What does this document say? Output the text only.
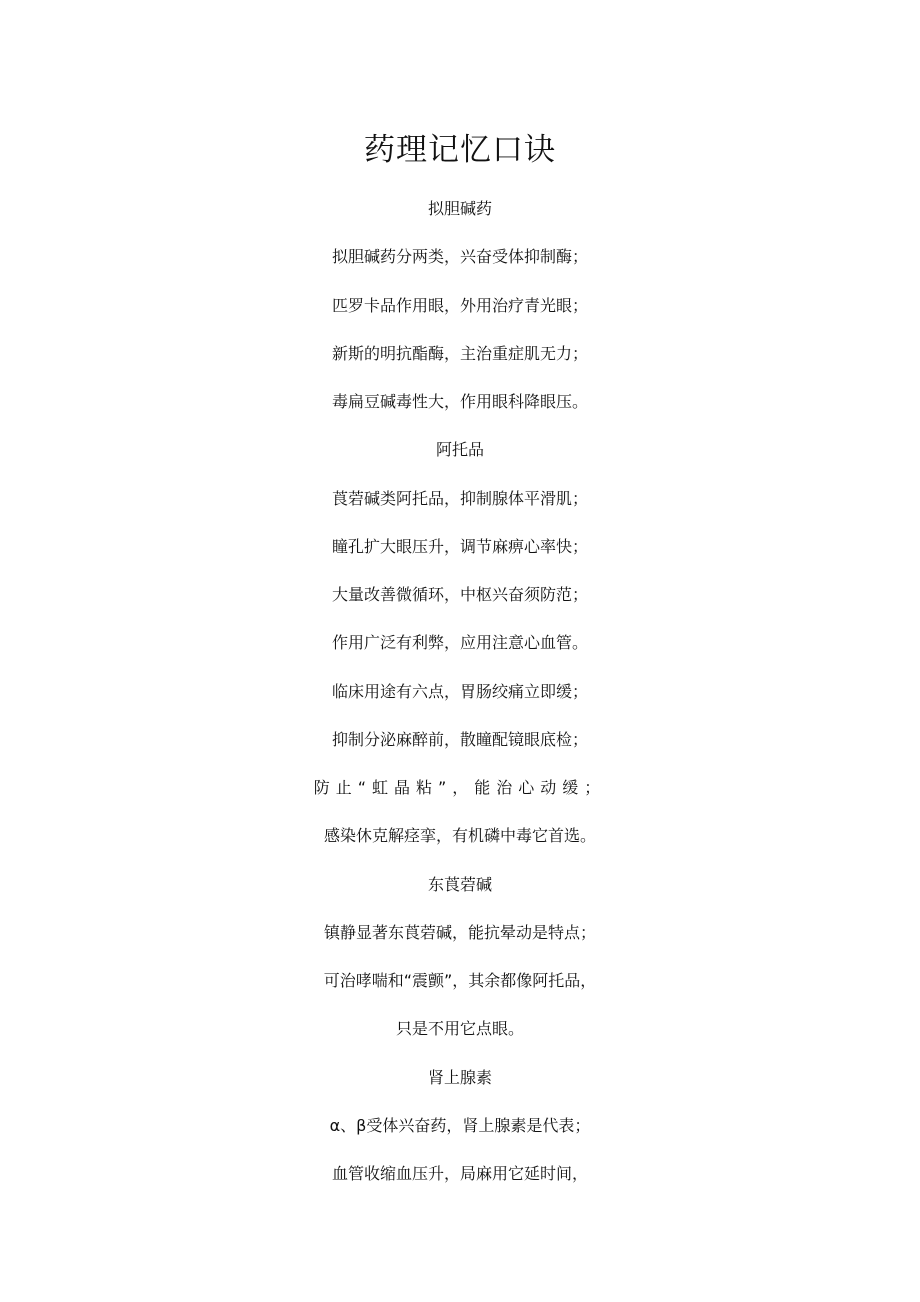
药理记忆口诀
拟胆碱药
拟胆碱药分两类，兴奋受体抑制酶；
匹罗卡品作用眼，外用治疗青光眼；
新斯的明抗酯酶，主治重症肌无力；
毒扁豆碱毒性大，作用眼科降眼压。
阿托品
莨菪碱类阿托品，抑制腺体平滑肌；
瞳孔扩大眼压升，调节麻痹心率快；
大量改善微循环，中枢兴奋须防范；
作用广泛有利弊，应用注意心血管。
临床用途有六点，胃肠绞痛立即缓；
抑制分泌麻醉前，散瞳配镜眼底检；
防止“虹晶粘”，能治心动缓；
感染休克解痉挛，有机磷中毒它首选。
东莨菪碱
镇静显著东莨菪碱，能抗晕动是特点；
可治哮喘和“震颤”，其余都像阿托品，
只是不用它点眼。
肾上腺素
α、β受体兴奋药，肾上腺素是代表；
血管收缩血压升，局麻用它延时间，
